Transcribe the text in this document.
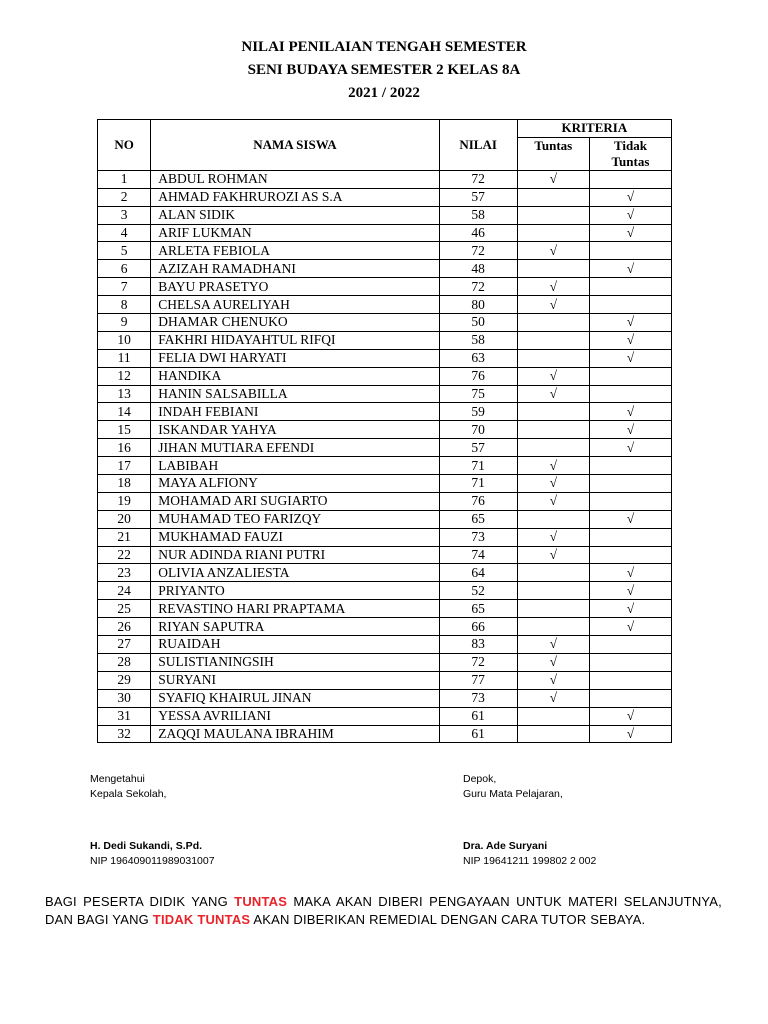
NILAI PENILAIAN TENGAH SEMESTER
SENI BUDAYA SEMESTER 2 KELAS 8A
2021 / 2022
NO	NAMA SISWA	NILAI	KRITERIA	
			Tuntas	Tidak
Tuntas
1	ABDUL ROHMAN	72	√	
2	AHMAD FAKHRUROZI AS S.A	57		√
3	ALAN SIDIK	58		√
4	ARIF LUKMAN	46		√
5	ARLETA FEBIOLA	72	√	
6	AZIZAH RAMADHANI	48		√
7	BAYU PRASETYO	72	√	
8	CHELSA AURELIYAH	80	√	
9	DHAMAR CHENUKO	50		√
10	FAKHRI HIDAYAHTUL RIFQI	58		√
11	FELIA DWI HARYATI	63		√
12	HANDIKA	76	√	
13	HANIN SALSABILLA	75	√	
14	INDAH FEBIANI	59		√
15	ISKANDAR YAHYA	70		√
16	JIHAN MUTIARA EFENDI	57		√
17	LABIBAH	71	√	
18	MAYA ALFIONY	71	√	
19	MOHAMAD ARI SUGIARTO	76	√	
20	MUHAMAD TEO FARIZQY	65		√
21	MUKHAMAD FAUZI	73	√	
22	NUR ADINDA RIANI PUTRI	74	√	
23	OLIVIA ANZALIESTA	64		√
24	PRIYANTO	52		√
25	REVASTINO HARI PRAPTAMA	65		√
26	RIYAN SAPUTRA	66		√
27	RUAIDAH	83	√	
28	SULISTIANINGSIH	72	√	
29	SURYANI	77	√	
30	SYAFIQ KHAIRUL JINAN	73	√	
31	YESSA AVRILIANI	61		√
32	ZAQQI MAULANA IBRAHIM	61		√
Mengetahui
Kepala Sekolah,
H. Dedi Sukandi, S.Pd.
NIP 196409011989031007
Depok,
Guru Mata Pelajaran,
Dra. Ade Suryani
NIP 19641211 199802 2 002
BAGI PESERTA DIDIK YANG TUNTAS MAKA AKAN DIBERI PENGAYAAN UNTUK MATERI SELANJUTNYA, DAN BAGI YANG TIDAK TUNTAS AKAN DIBERIKAN REMEDIAL DENGAN CARA TUTOR SEBAYA.
